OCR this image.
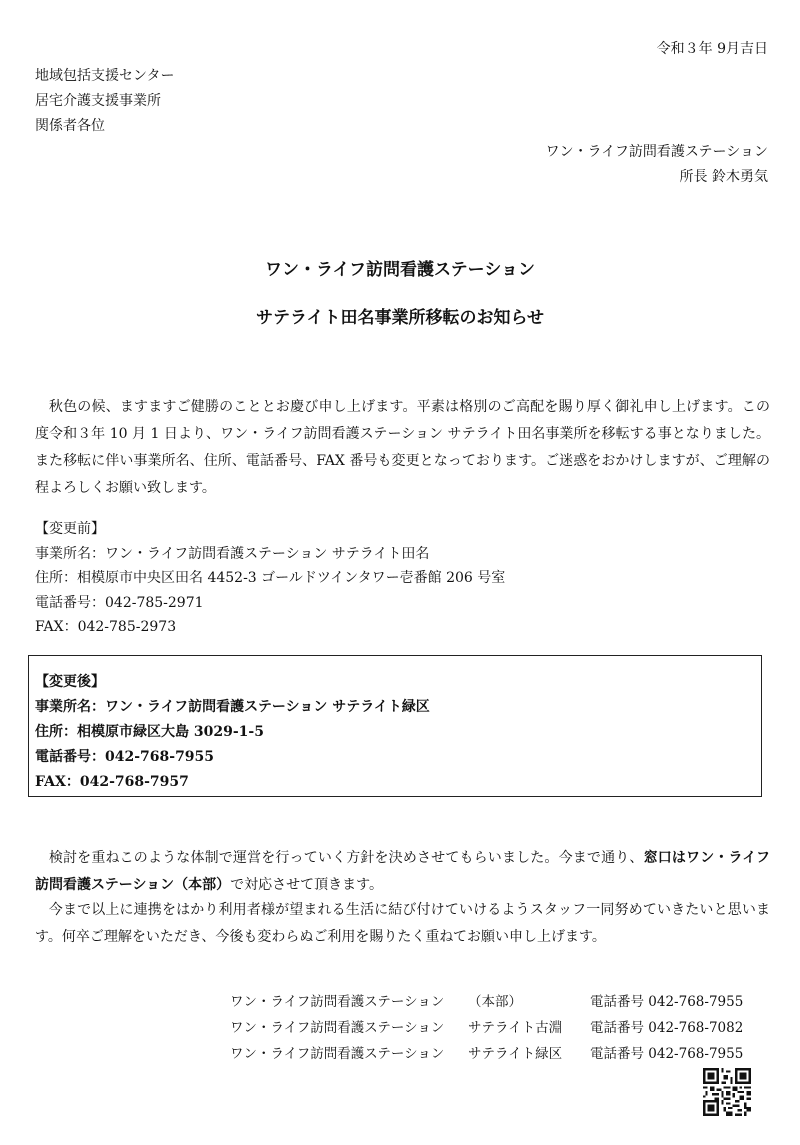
令和３年 9月吉日
地域包括支援センター
居宅介護支援事業所
関係者各位
ワン・ライフ訪問看護ステーション
所長 鈴木勇気
ワン・ライフ訪問看護ステーション
サテライト田名事業所移転のお知らせ
秋色の候、ますますご健勝のこととお慶び申し上げます。平素は格別のご高配を賜り厚く御礼申し上げます。この度令和３年 10 月 1 日より、ワン・ライフ訪問看護ステーション サテライト田名事業所を移転する事となりました。また移転に伴い事業所名、住所、電話番号、FAX 番号も変更となっております。ご迷惑をおかけしますが、ご理解の程よろしくお願い致します。
【変更前】
事業所名：ワン・ライフ訪問看護ステーション サテライト田名
住所：相模原市中央区田名 4452-3 ゴールドツインタワー壱番館 206 号室
電話番号：042-785-2971
FAX：042-785-2973
【変更後】
事業所名：ワン・ライフ訪問看護ステーション サテライト緑区
住所：相模原市緑区大島 3029-1-5
電話番号：042-768-7955
FAX：042-768-7957
検討を重ねこのような体制で運営を行っていく方針を決めさせてもらいました。今まで通り、窓口はワン・ライフ訪問看護ステーション（本部）で対応させて頂きます。
今まで以上に連携をはかり利用者様が望まれる生活に結び付けていけるようスタッフ一同努めていきたいと思います。何卒ご理解をいただき、今後も変わらぬご利用を賜りたく重ねてお願い申し上げます。
ワン・ライフ訪問看護ステーション	（本部）	電話番号 042-768-7955
ワン・ライフ訪問看護ステーション	サテライト古淵	電話番号 042-768-7082
ワン・ライフ訪問看護ステーション	サテライト緑区	電話番号 042-768-7955
